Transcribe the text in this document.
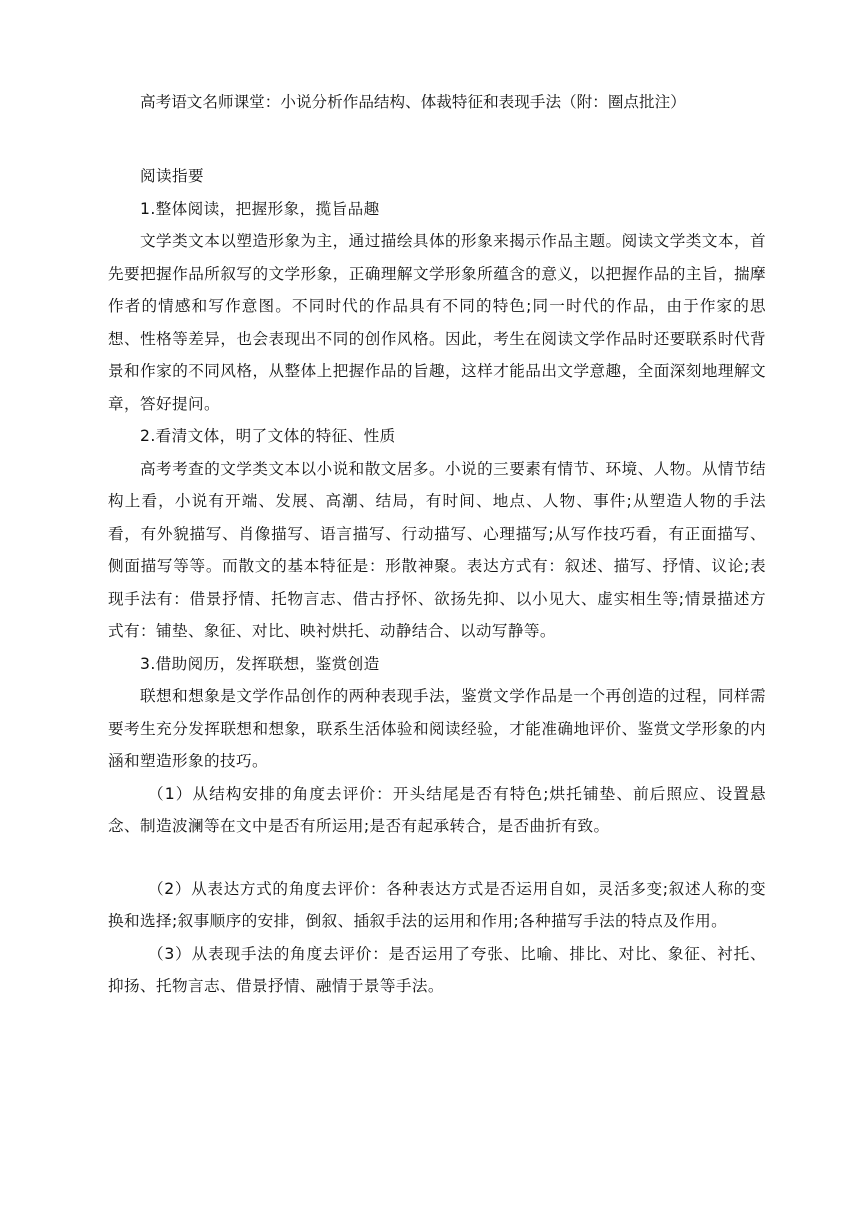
高考语文名师课堂：小说分析作品结构、体裁特征和表现手法（附：圈点批注）
阅读指要
1.整体阅读，把握形象，揽旨品趣
文学类文本以塑造形象为主，通过描绘具体的形象来揭示作品主题。阅读文学类文本，首先要把握作品所叙写的文学形象，正确理解文学形象所蕴含的意义，以把握作品的主旨，揣摩作者的情感和写作意图。不同时代的作品具有不同的特色;同一时代的作品，由于作家的思想、性格等差异，也会表现出不同的创作风格。因此，考生在阅读文学作品时还要联系时代背景和作家的不同风格，从整体上把握作品的旨趣，这样才能品出文学意趣，全面深刻地理解文章，答好提问。
2.看清文体，明了文体的特征、性质
高考考查的文学类文本以小说和散文居多。小说的三要素有情节、环境、人物。从情节结构上看，小说有开端、发展、高潮、结局，有时间、地点、人物、事件;从塑造人物的手法看，有外貌描写、肖像描写、语言描写、行动描写、心理描写;从写作技巧看，有正面描写、侧面描写等等。而散文的基本特征是：形散神聚。表达方式有：叙述、描写、抒情、议论;表现手法有：借景抒情、托物言志、借古抒怀、欲扬先抑、以小见大、虚实相生等;情景描述方式有：铺垫、象征、对比、映衬烘托、动静结合、以动写静等。
3.借助阅历，发挥联想，鉴赏创造
联想和想象是文学作品创作的两种表现手法，鉴赏文学作品是一个再创造的过程，同样需要考生充分发挥联想和想象，联系生活体验和阅读经验，才能准确地评价、鉴赏文学形象的内涵和塑造形象的技巧。
（1）从结构安排的角度去评价：开头结尾是否有特色;烘托铺垫、前后照应、设置悬念、制造波澜等在文中是否有所运用;是否有起承转合，是否曲折有致。
（2）从表达方式的角度去评价：各种表达方式是否运用自如，灵活多变;叙述人称的变换和选择;叙事顺序的安排，倒叙、插叙手法的运用和作用;各种描写手法的特点及作用。
（3）从表现手法的角度去评价：是否运用了夸张、比喻、排比、对比、象征、衬托、抑扬、托物言志、借景抒情、融情于景等手法。
